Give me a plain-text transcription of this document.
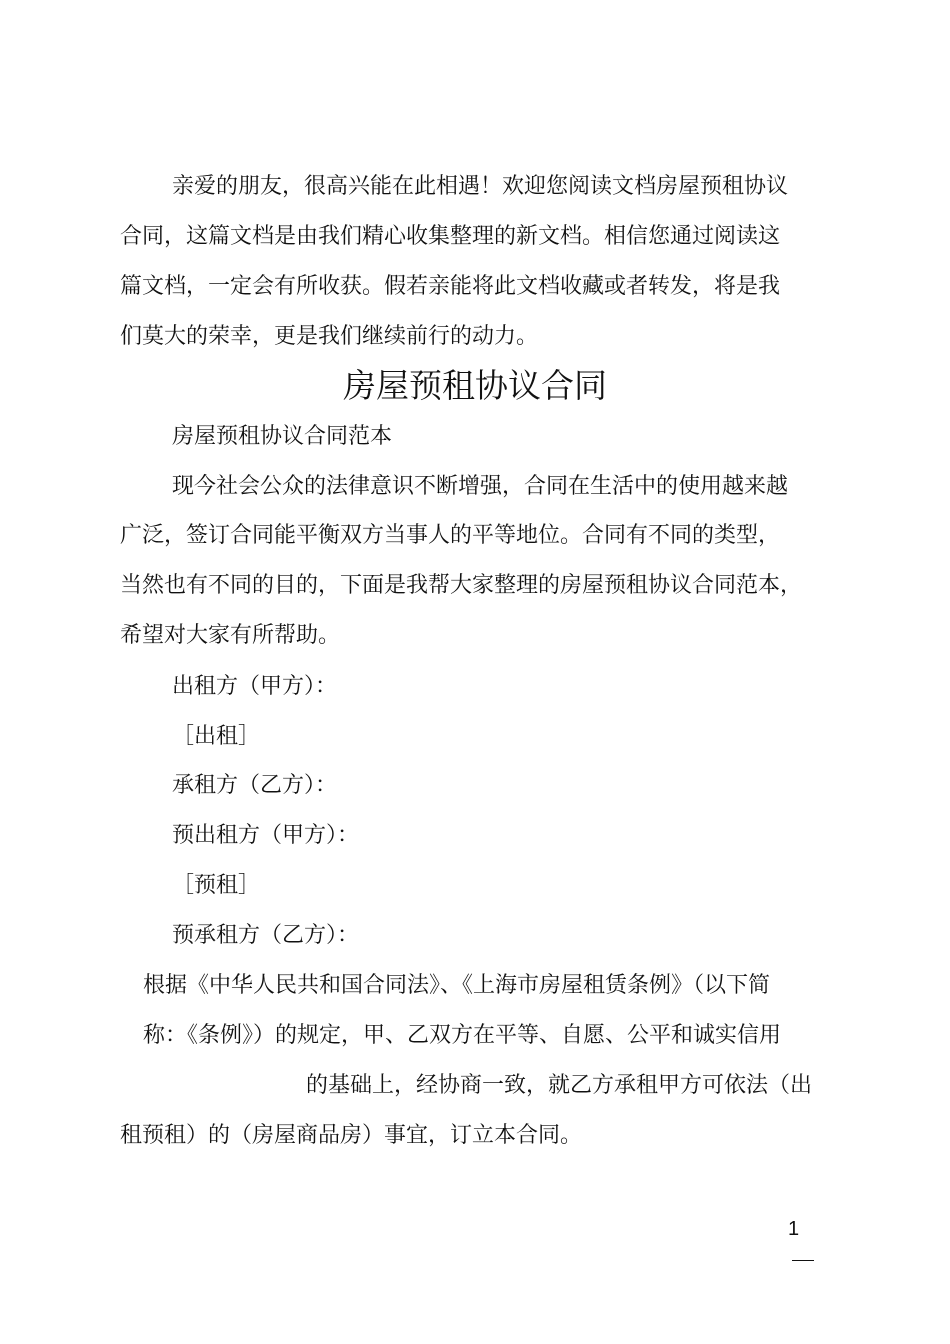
亲爱的朋友，很高兴能在此相遇！欢迎您阅读文档房屋预租协议
合同，这篇文档是由我们精心收集整理的新文档。相信您通过阅读这
篇文档，一定会有所收获。假若亲能将此文档收藏或者转发，将是我
们莫大的荣幸，更是我们继续前行的动力。
房屋预租协议合同
房屋预租协议合同范本
现今社会公众的法律意识不断增强，合同在生活中的使用越来越
广泛，签订合同能平衡双方当事人的平等地位。合同有不同的类型，
当然也有不同的目的，下面是我帮大家整理的房屋预租协议合同范本，
希望对大家有所帮助。
出租方（甲方）：
［出租］
承租方（乙方）：
预出租方（甲方）：
［预租］
预承租方（乙方）：
根据《中华人民共和国合同法》、《上海市房屋租赁条例》（以下简
称：《条例》）的规定，甲、乙双方在平等、自愿、公平和诚实信用
的基础上，经协商一致，就乙方承租甲方可依法（出
租预租）的（房屋商品房）事宜，订立本合同。
1
